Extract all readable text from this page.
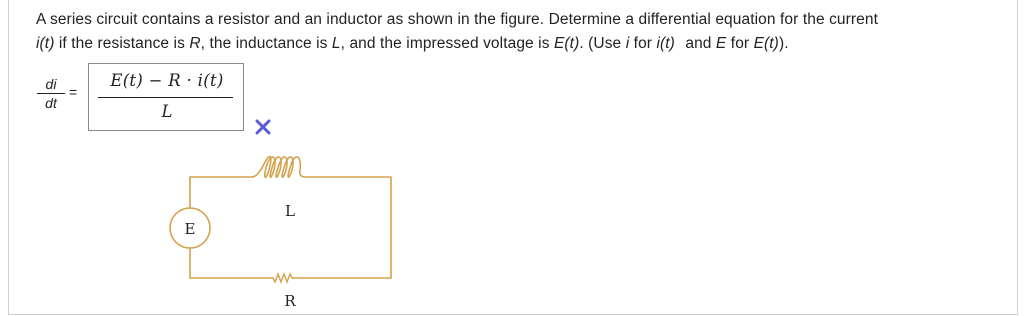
A series circuit contains a resistor and an inductor as shown in the figure. Determine a differential equation for the current
i(t) if the resistance is R, the inductance is L, and the impressed voltage is E(t). (Use i for i(t) and E for E(t)).
$\frac{di}{dt}$ =
E(t) − R · i(t)
L
E
L
R
